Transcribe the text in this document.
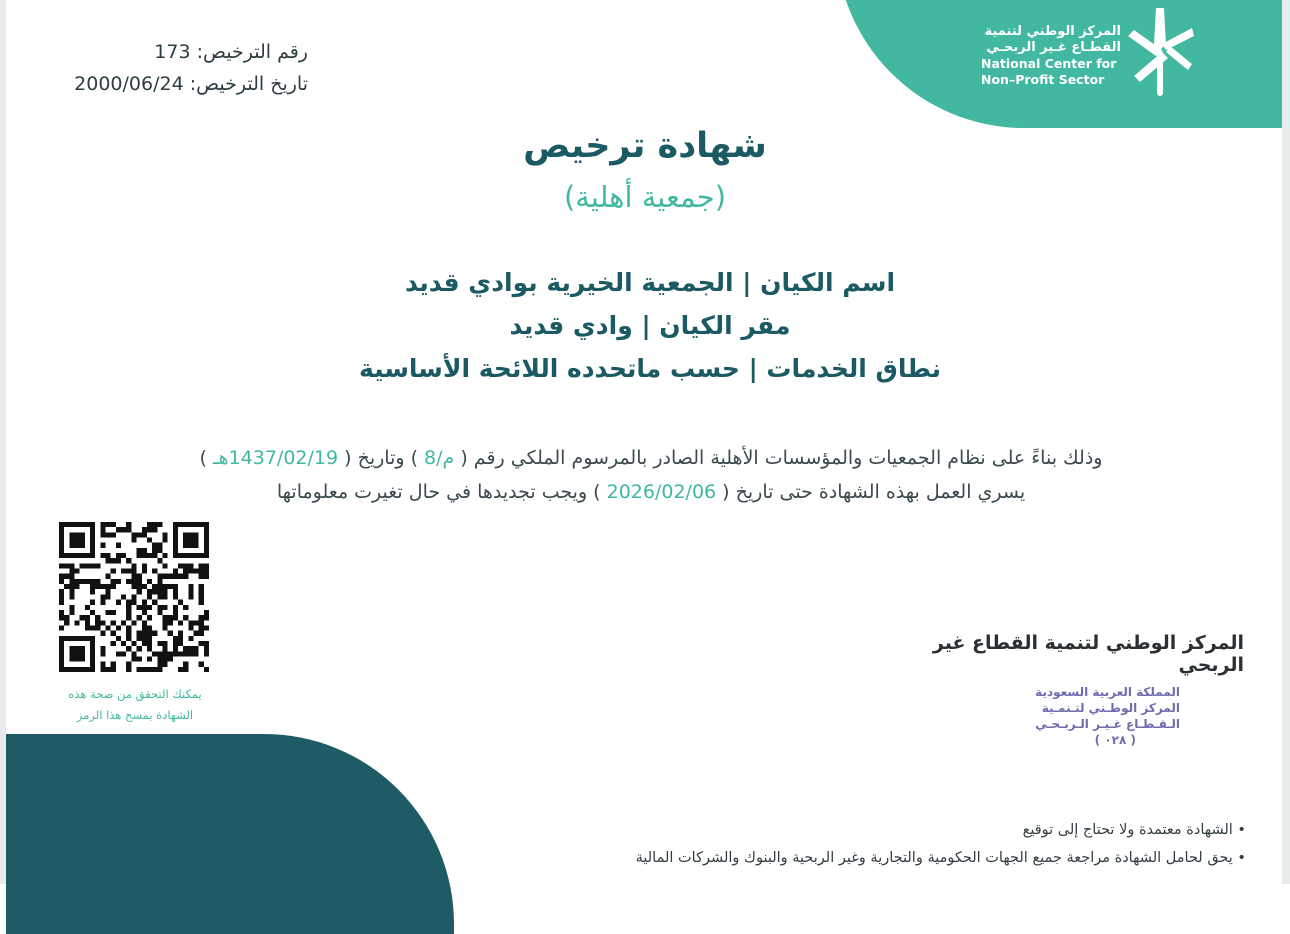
المركز الوطني لتنمية
القطـاع غـير الربحـي
National Center for
Non–Profit Sector
رقم الترخيص: 173
تاريخ الترخيص: 2000/06/24
شهادة ترخيص
(جمعية أهلية)
اسم الكيان | الجمعية الخيرية بوادي قديد
مقر الكيان | وادي قديد
نطاق الخدمات | حسب ماتحدده اللائحة الأساسية
وذلك بناءً على نظام الجمعيات والمؤسسات الأهلية الصادر بالمرسوم الملكي رقم ( م/8 ) وتاريخ ( 1437/02/19هـ )
يسري العمل بهذه الشهادة حتى تاريخ ( 2026/02/06 ) ويجب تجديدها في حال تغيرت معلوماتها
يمكنك التحقق من صحة هذه
الشهادة بمسح هذا الرمز
المركز الوطني لتنمية القطاع غير الربحي
المملكة العربية السعودية
المركز الوطـني لتـنمـية
الـقـطـاع غـيـر الـربـحـي
( ٠٢٨ )
• الشهادة معتمدة ولا تحتاج إلى توقيع
• يحق لحامل الشهادة مراجعة جميع الجهات الحكومية والتجارية وغير الربحية والبنوك والشركات المالية
